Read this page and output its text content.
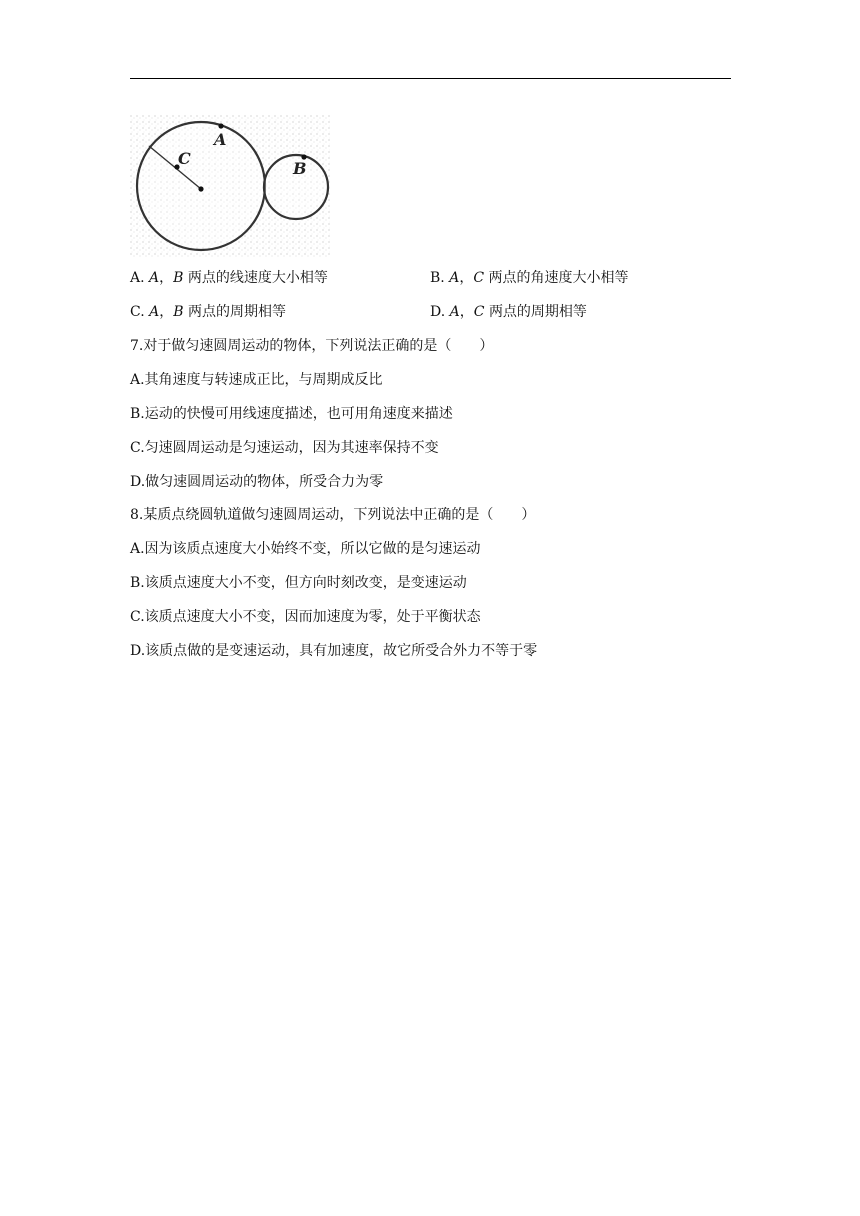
A
C
B
A. A，B 两点的线速度大小相等	B. A，C 两点的角速度大小相等
C. A，B 两点的周期相等	D. A，C 两点的周期相等
7.对于做匀速圆周运动的物体，下列说法正确的是（　　）
A.其角速度与转速成正比，与周期成反比
B.运动的快慢可用线速度描述，也可用角速度来描述
C.匀速圆周运动是匀速运动，因为其速率保持不变
D.做匀速圆周运动的物体，所受合力为零
8.某质点绕圆轨道做匀速圆周运动，下列说法中正确的是（　　）
A.因为该质点速度大小始终不变，所以它做的是匀速运动
B.该质点速度大小不变，但方向时刻改变，是变速运动
C.该质点速度大小不变，因而加速度为零，处于平衡状态
D.该质点做的是变速运动，具有加速度，故它所受合外力不等于零
